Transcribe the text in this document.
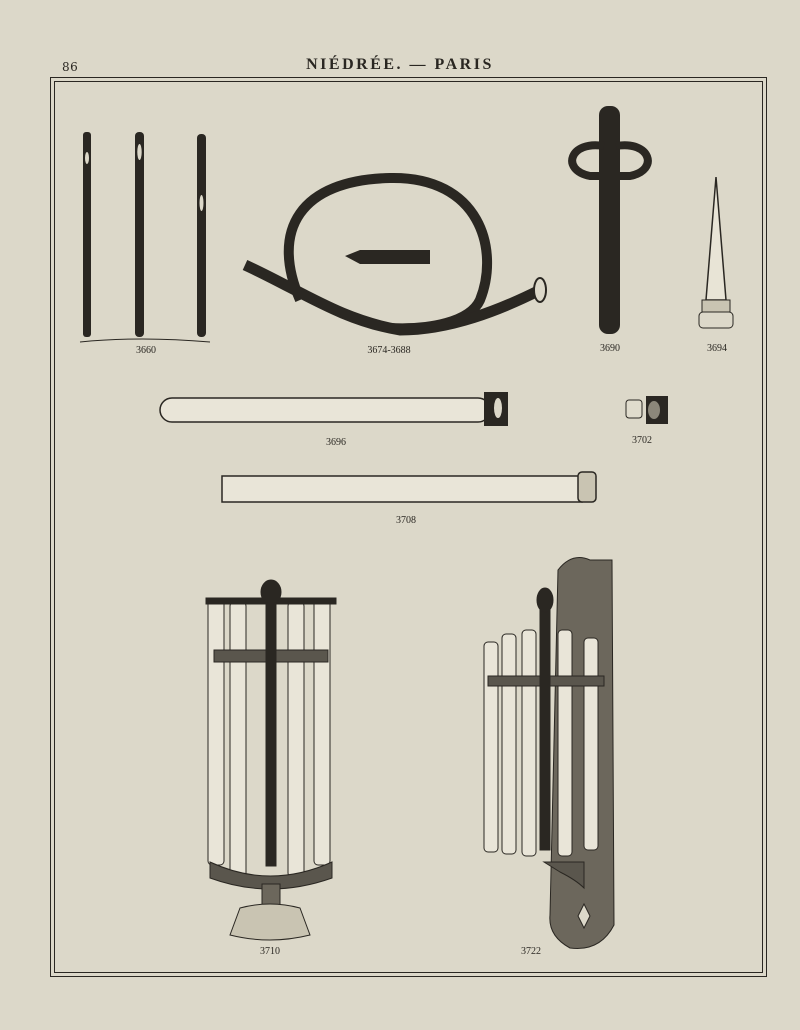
86	NIÉDRÉE. — PARIS
3660	3674-3688	3690	3694
3696	3702
3708
3710	3722
